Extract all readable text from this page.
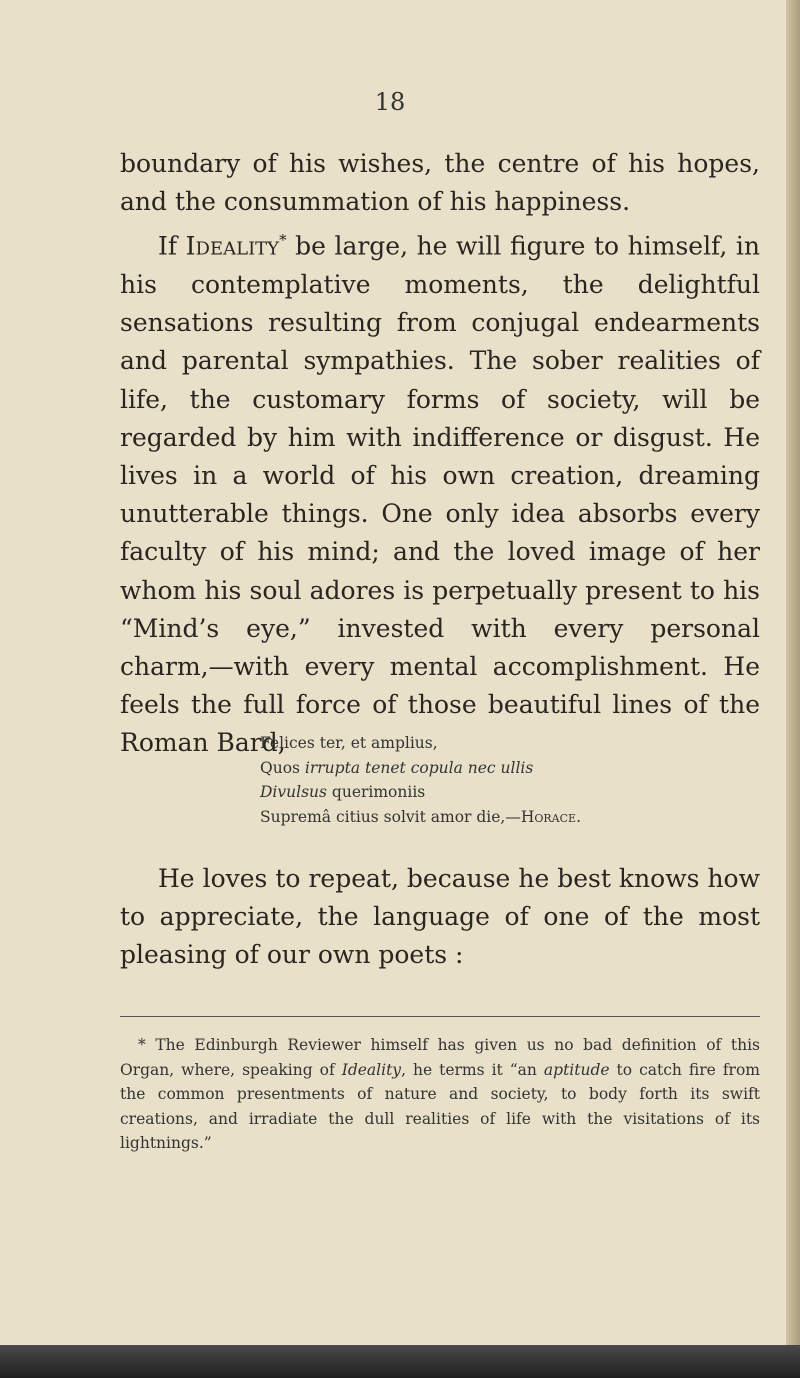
18

boundary of his wishes, the centre of his hopes, and the consummation of his happiness.

If Ideality* be large, he will figure to himself, in his contemplative moments, the delightful sensations resulting from conjugal endearments and parental sympathies. The sober realities of life, the customary forms of society, will be regarded by him with indifference or disgust. He lives in a world of his own creation, dreaming unutterable things. One only idea absorbs every faculty of his mind; and the loved image of her whom his soul adores is perpetually present to his “Mind’s eye,” invested with every personal charm,—with every mental accomplishment. He feels the full force of those beautiful lines of the Roman Bard,

Felices ter, et amplius,
Quos irrupta tenet copula nec ullis
Divulsus querimoniis
Supremâ citius solvit amor die,—Horace.

He loves to repeat, because he best knows how to appreciate, the language of one of the most pleasing of our own poets :

* The Edinburgh Reviewer himself has given us no bad definition of this Organ, where, speaking of Ideality, he terms it “an aptitude to catch fire from the common presentments of nature and society, to body forth its swift creations, and irradiate the dull realities of life with the visitations of its lightnings.”
